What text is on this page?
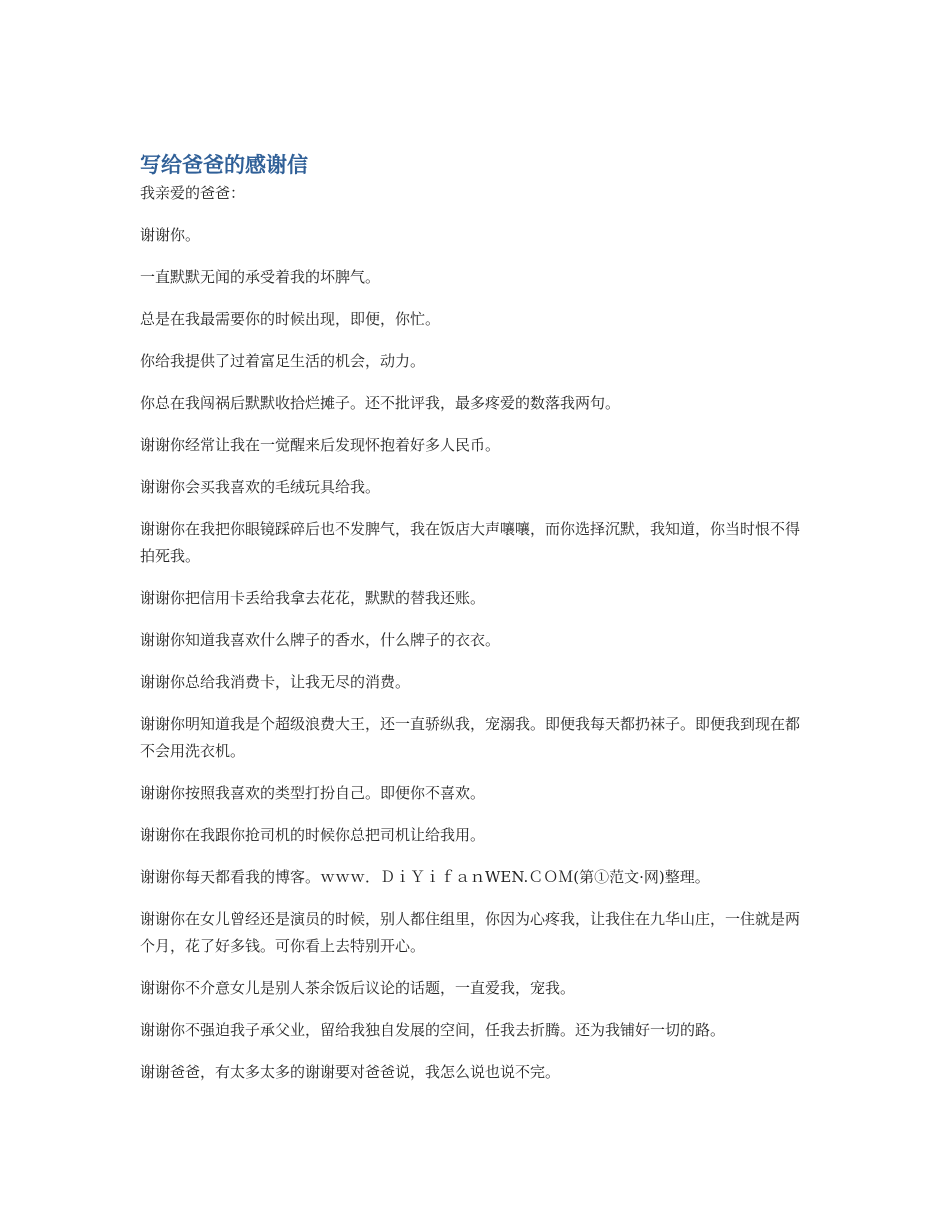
写给爸爸的感谢信

我亲爱的爸爸：

谢谢你。

一直默默无闻的承受着我的坏脾气。

总是在我最需要你的时候出现，即便，你忙。

你给我提供了过着富足生活的机会，动力。

你总在我闯祸后默默收拾烂摊子。还不批评我，最多疼爱的数落我两句。

谢谢你经常让我在一觉醒来后发现怀抱着好多人民币。

谢谢你会买我喜欢的毛绒玩具给我。

谢谢你在我把你眼镜踩碎后也不发脾气，我在饭店大声嚷嚷，而你选择沉默，我知道，你当时恨不得拍死我。

谢谢你把信用卡丢给我拿去花花，默默的替我还账。

谢谢你知道我喜欢什么牌子的香水，什么牌子的衣衣。

谢谢你总给我消费卡，让我无尽的消费。

谢谢你明知道我是个超级浪费大王，还一直骄纵我，宠溺我。即便我每天都扔袜子。即便我到现在都不会用洗衣机。

谢谢你按照我喜欢的类型打扮自己。即便你不喜欢。

谢谢你在我跟你抢司机的时候你总把司机让给我用。

谢谢你每天都看我的博客。ｗｗｗ．ＤｉＹｉｆａｎWEN.ＣＯＭ(第①范文·网)整理。

谢谢你在女儿曾经还是演员的时候，别人都住组里，你因为心疼我，让我住在九华山庄，一住就是两个月，花了好多钱。可你看上去特别开心。

谢谢你不介意女儿是别人茶余饭后议论的话题，一直爱我，宠我。

谢谢你不强迫我子承父业，留给我独自发展的空间，任我去折腾。还为我铺好一切的路。

谢谢爸爸，有太多太多的谢谢要对爸爸说，我怎么说也说不完。
